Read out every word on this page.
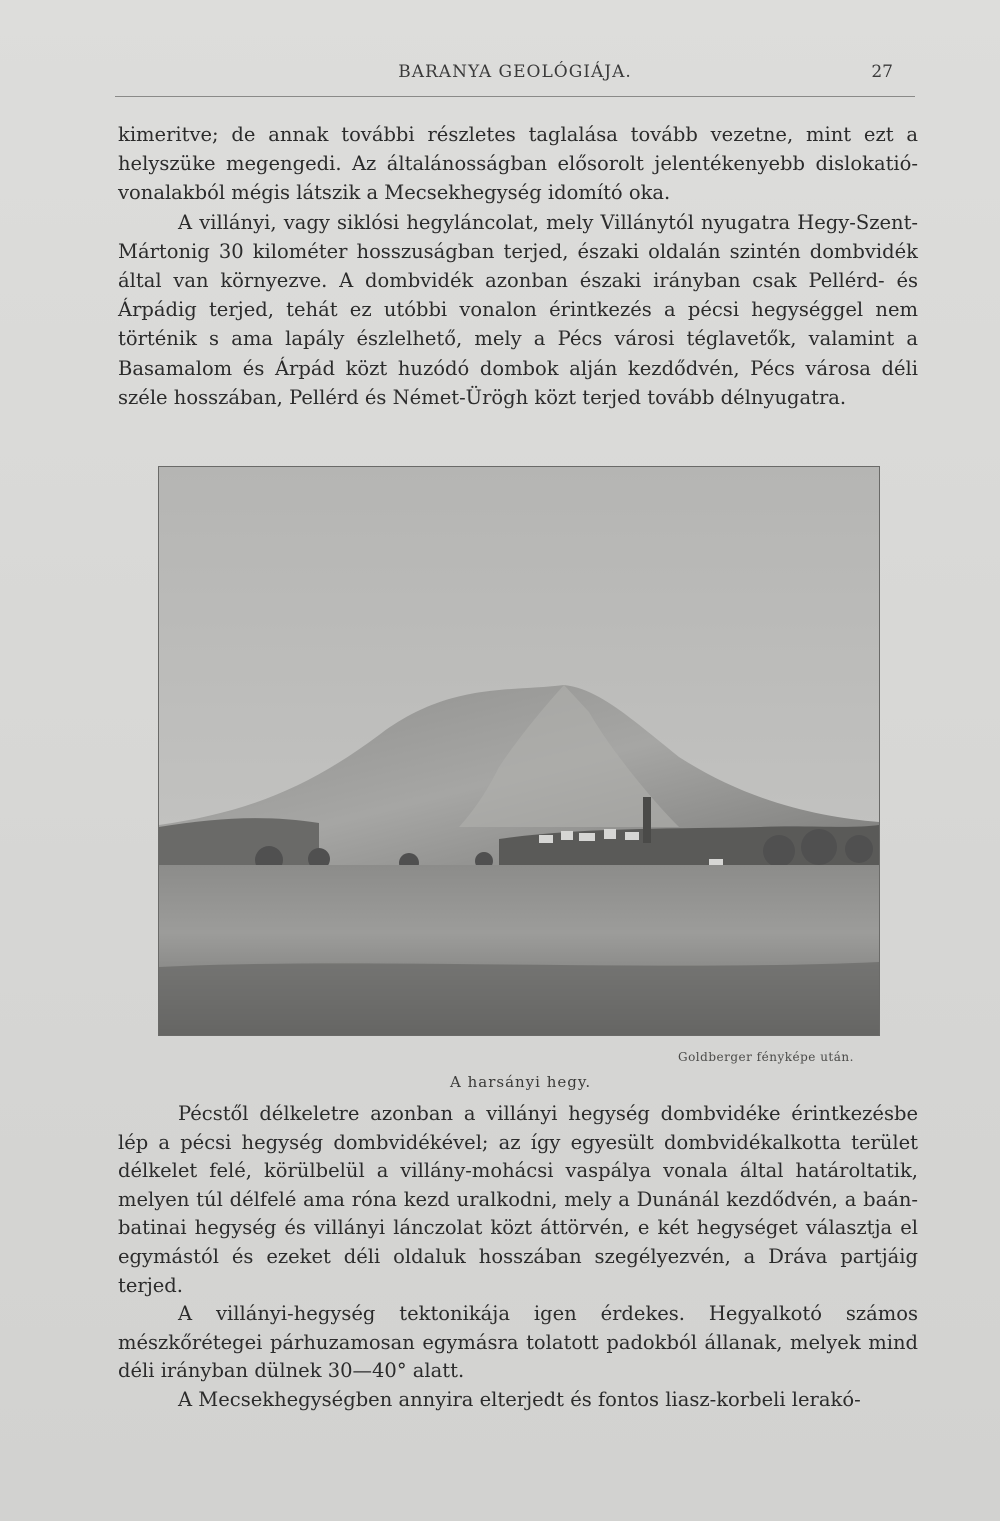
BARANYA GEOLÓGIÁJA.	27

kimeritve; de annak további részletes taglalása tovább vezetne, mint ezt a helyszüke megengedi. Az általánosságban elősorolt jelentékenyebb dislokatió-vonalakból mégis látszik a Mecsekhegység idomító oka.

A villányi, vagy siklósi hegyláncolat, mely Villánytól nyugatra Hegy-Szent-Mártonig 30 kilométer hosszuságban terjed, északi oldalán szintén dombvidék által van környezve. A dombvidék azonban északi irányban csak Pellérd- és Árpádig terjed, tehát ez utóbbi vonalon érintkezés a pécsi hegységgel nem történik s ama lapály észlelhető, mely a Pécs városi téglavetők, valamint a Basamalom és Árpád közt huzódó dombok alján kezdődvén, Pécs városa déli széle hosszában, Pellérd és Német-Ürögh közt terjed tovább délnyugatra.

Goldberger fényképe után.
A harsányi hegy.

Pécstől délkeletre azonban a villányi hegység dombvidéke érintkezésbe lép a pécsi hegység dombvidékével; az így egyesült dombvidékalkotta terület délkelet felé, körülbelül a villány-mohácsi vaspálya vonala által határoltatik, melyen túl délfelé ama róna kezd uralkodni, mely a Dunánál kezdődvén, a baán-batinai hegység és villányi lánczolat közt áttörvén, e két hegységet választja el egymástól és ezeket déli oldaluk hosszában szegélyezvén, a Dráva partjáig terjed.

A villányi-hegység tektonikája igen érdekes. Hegyalkotó számos mészkőrétegei párhuzamosan egymásra tolatott padokból állanak, melyek mind déli irányban dülnek 30—40° alatt.

A Mecsekhegységben annyira elterjedt és fontos liasz-korbeli lerakó-
